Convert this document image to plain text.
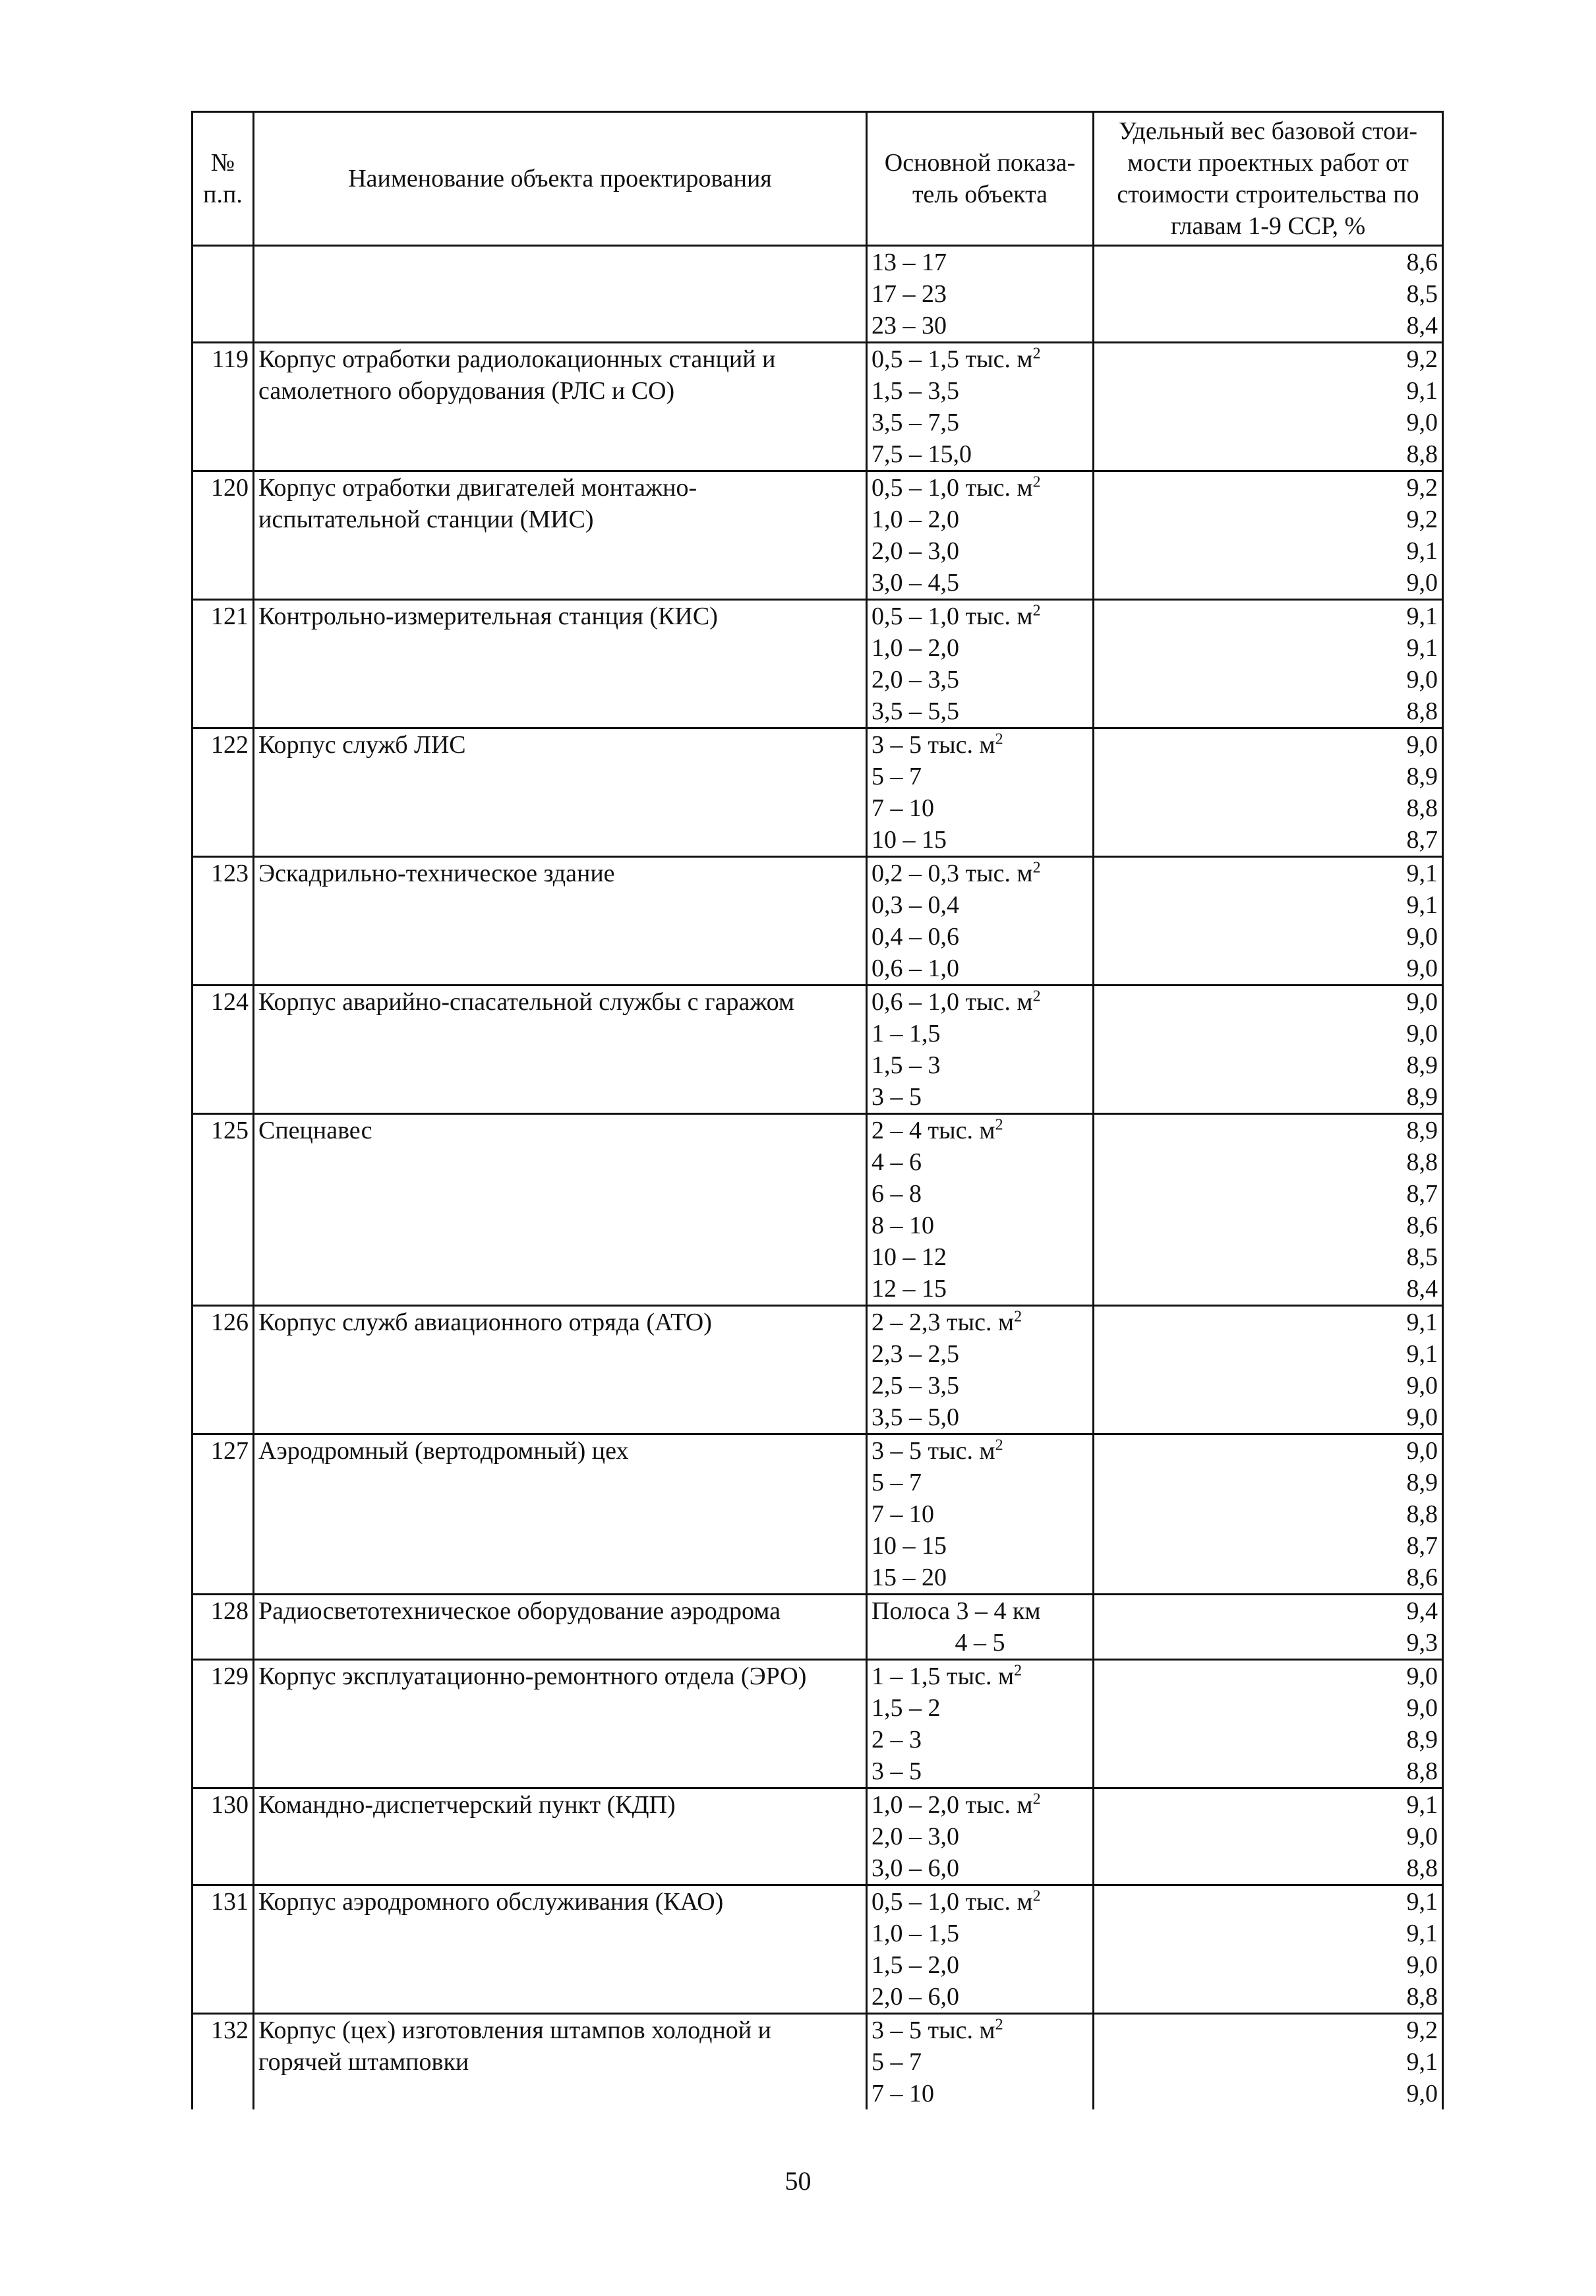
№ п.п.	Наименование объекта проектирования	Основной показа-тель объекта	Удельный вес базовой стои-мости проектных работ от стоимости строительства по главам 1-9 ССР, %
		13 – 17	8,6
		17 – 23	8,5
		23 – 30	8,4
119	Корпус отработки радиолокационных станций и	0,5 – 1,5 тыс. $м^2$	9,2
	самолетного оборудования (РЛС и СО)	1,5 – 3,5	9,1
		3,5 – 7,5	9,0
		7,5 – 15,0	8,8
120	Корпус отработки двигателей монтажно-	0,5 – 1,0 тыс. $м^2$	9,2
	испытательной станции (МИС)	1,0 – 2,0	9,2
		2,0 – 3,0	9,1
		3,0 – 4,5	9,0
121	Контрольно-измерительная станция (КИС)	0,5 – 1,0 тыс. $м^2$	9,1
		1,0 – 2,0	9,1
		2,0 – 3,5	9,0
		3,5 – 5,5	8,8
122	Корпус служб ЛИС	3 – 5 тыс. $м^2$	9,0
		5 – 7	8,9
		7 – 10	8,8
		10 – 15	8,7
123	Эскадрильно-техническое здание	0,2 – 0,3 тыс. $м^2$	9,1
		0,3 – 0,4	9,1
		0,4 – 0,6	9,0
		0,6 – 1,0	9,0
124	Корпус аварийно-спасательной службы с гаражом	0,6 – 1,0 тыс. $м^2$	9,0
		1 – 1,5	9,0
		1,5 – 3	8,9
		3 – 5	8,9
125	Спецнавес	2 – 4 тыс. $м^2$	8,9
		4 – 6	8,8
		6 – 8	8,7
		8 – 10	8,6
		10 – 12	8,5
		12 – 15	8,4
126	Корпус служб авиационного отряда (АТО)	2 – 2,3 тыс. $м^2$	9,1
		2,3 – 2,5	9,1
		2,5 – 3,5	9,0
		3,5 – 5,0	9,0
127	Аэродромный (вертодромный) цех	3 – 5 тыс. $м^2$	9,0
		5 – 7	8,9
		7 – 10	8,8
		10 – 15	8,7
		15 – 20	8,6
128	Радиосветотехническое оборудование аэродрома	Полоса 3 – 4 км	9,4
		4 – 5	9,3
129	Корпус эксплуатационно-ремонтного отдела (ЭРО)	1 – 1,5 тыс. $м^2$	9,0
		1,5 – 2	9,0
		2 – 3	8,9
		3 – 5	8,8
130	Командно-диспетчерский пункт (КДП)	1,0 – 2,0 тыс. $м^2$	9,1
		2,0 – 3,0	9,0
		3,0 – 6,0	8,8
131	Корпус аэродромного обслуживания (КАО)	0,5 – 1,0 тыс. $м^2$	9,1
		1,0 – 1,5	9,1
		1,5 – 2,0	9,0
		2,0 – 6,0	8,8
132	Корпус (цех) изготовления штампов холодной и	3 – 5 тыс. $м^2$	9,2
	горячей штамповки	5 – 7	9,1
		7 – 10	9,0
50
